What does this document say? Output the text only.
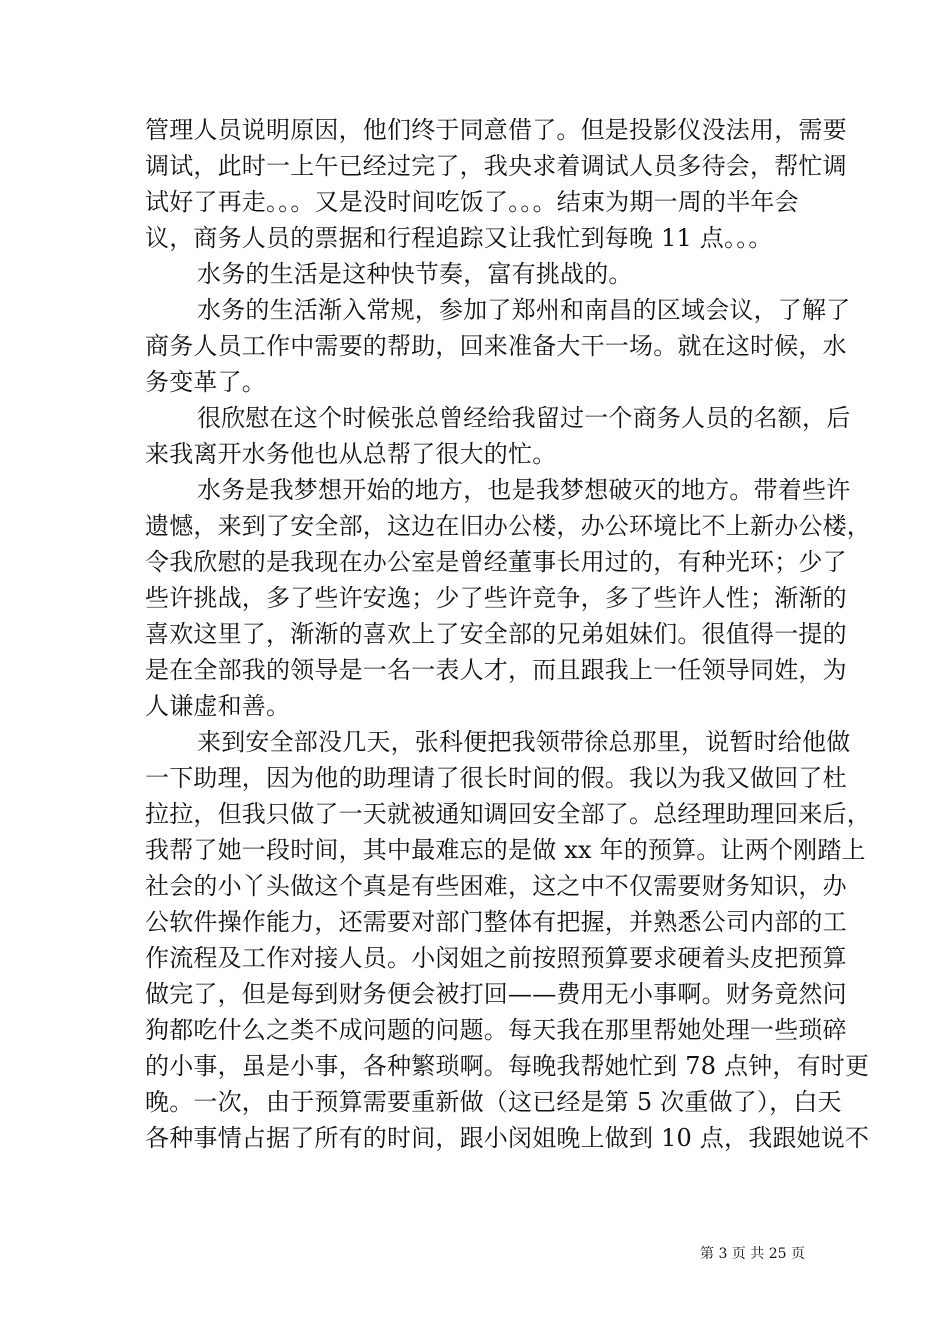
管理人员说明原因，他们终于同意借了。但是投影仪没法用，需要
调试，此时一上午已经过完了，我央求着调试人员多待会，帮忙调
试好了再走。。。又是没时间吃饭了。。。结束为期一周的半年会
议，商务人员的票据和行程追踪又让我忙到每晚 11 点。。。
水务的生活是这种快节奏，富有挑战的。
水务的生活渐入常规，参加了郑州和南昌的区域会议，了解了
商务人员工作中需要的帮助，回来准备大干一场。就在这时候，水
务变革了。
很欣慰在这个时候张总曾经给我留过一个商务人员的名额，后
来我离开水务他也从总帮了很大的忙。
水务是我梦想开始的地方，也是我梦想破灭的地方。带着些许
遗憾，来到了安全部，这边在旧办公楼，办公环境比不上新办公楼，
令我欣慰的是我现在办公室是曾经董事长用过的，有种光环；少了
些许挑战，多了些许安逸；少了些许竞争，多了些许人性；渐渐的
喜欢这里了，渐渐的喜欢上了安全部的兄弟姐妹们。很值得一提的
是在全部我的领导是一名一表人才，而且跟我上一任领导同姓，为
人谦虚和善。
来到安全部没几天，张科便把我领带徐总那里，说暂时给他做
一下助理，因为他的助理请了很长时间的假。我以为我又做回了杜
拉拉，但我只做了一天就被通知调回安全部了。总经理助理回来后，
我帮了她一段时间，其中最难忘的是做 xx 年的预算。让两个刚踏上
社会的小丫头做这个真是有些困难，这之中不仅需要财务知识，办
公软件操作能力，还需要对部门整体有把握，并熟悉公司内部的工
作流程及工作对接人员。小闵姐之前按照预算要求硬着头皮把预算
做完了，但是每到财务便会被打回——费用无小事啊。财务竟然问
狗都吃什么之类不成问题的问题。每天我在那里帮她处理一些琐碎
的小事，虽是小事，各种繁琐啊。每晚我帮她忙到 78 点钟，有时更
晚。一次，由于预算需要重新做（这已经是第 5 次重做了），白天
各种事情占据了所有的时间，跟小闵姐晚上做到 10 点，我跟她说不
第 3 页 共 25 页
